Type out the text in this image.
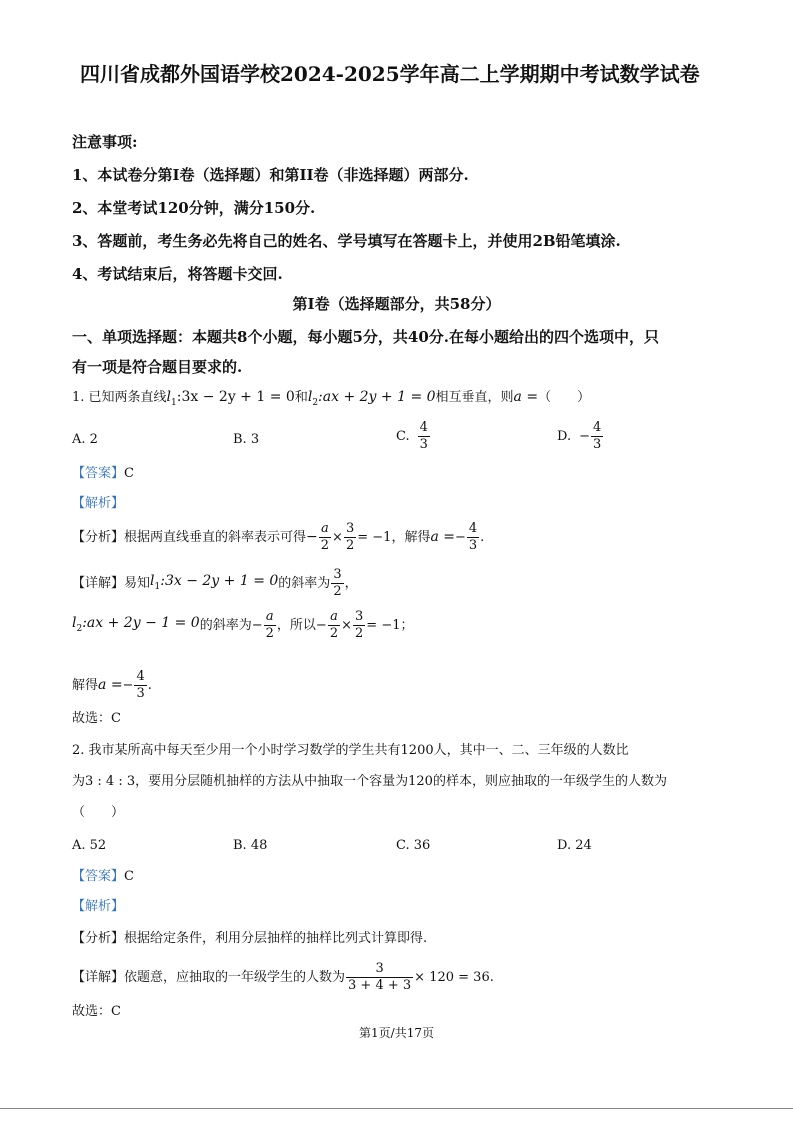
四川省成都外国语学校2024-2025学年高二上学期期中考试数学试卷
注意事项:
1、本试卷分第I卷（选择题）和第II卷（非选择题）两部分.
2、本堂考试120分钟，满分150分.
3、答题前，考生务必先将自己的姓名、学号填写在答题卡上，并使用2B铅笔填涂.
4、考试结束后，将答题卡交回.
第I卷（选择题部分，共58分）
一、单项选择题：本题共8个小题，每小题5分，共40分.在每小题给出的四个选项中，只
有一项是符合题目要求的.
1. 已知两条直线$l_1:3x - 2y + 1 = 0$和$l_2:ax + 2y + 1 = 0$相互垂直，则a =（　　）
A. 2	B. 3	C. $\frac{4}{3}$	D. − $\frac{4}{3}$
【答案】C
【解析】
【分析】 根据两直线垂直的斜率表示可得 − $\frac{a}{2} \times \frac{3}{2} = -1$ ，解得 a = − $\frac{4}{3}$ .
【详解】 易知 $l_1:3x - 2y + 1 = 0$ 的斜率为 $\frac{3}{2}$ ，
$l_2:ax + 2y - 1 = 0$ 的斜率为 − $\frac{a}{2}$ ，所以 − $\frac{a}{2} \times \frac{3}{2} = -1$ ；
解得 a = − $\frac{4}{3}$ .
故选：C
2. 我市某所高中每天至少用一个小时学习数学的学生共有1200人，其中一、二、三年级的人数比
为3 : 4 : 3，要用分层随机抽样的方法从中抽取一个容量为120的样本，则应抽取的一年级学生的人数为
（　　）
A. 52	B. 48	C. 36	D. 24
【答案】C
【解析】
【分析】根据给定条件，利用分层抽样的抽样比列式计算即得.
【详解】 依题意，应抽取的一年级学生的人数为 $\frac{3}{3 + 4 + 3} \times 120 = 36$ .
故选：C
第1页/共17页
